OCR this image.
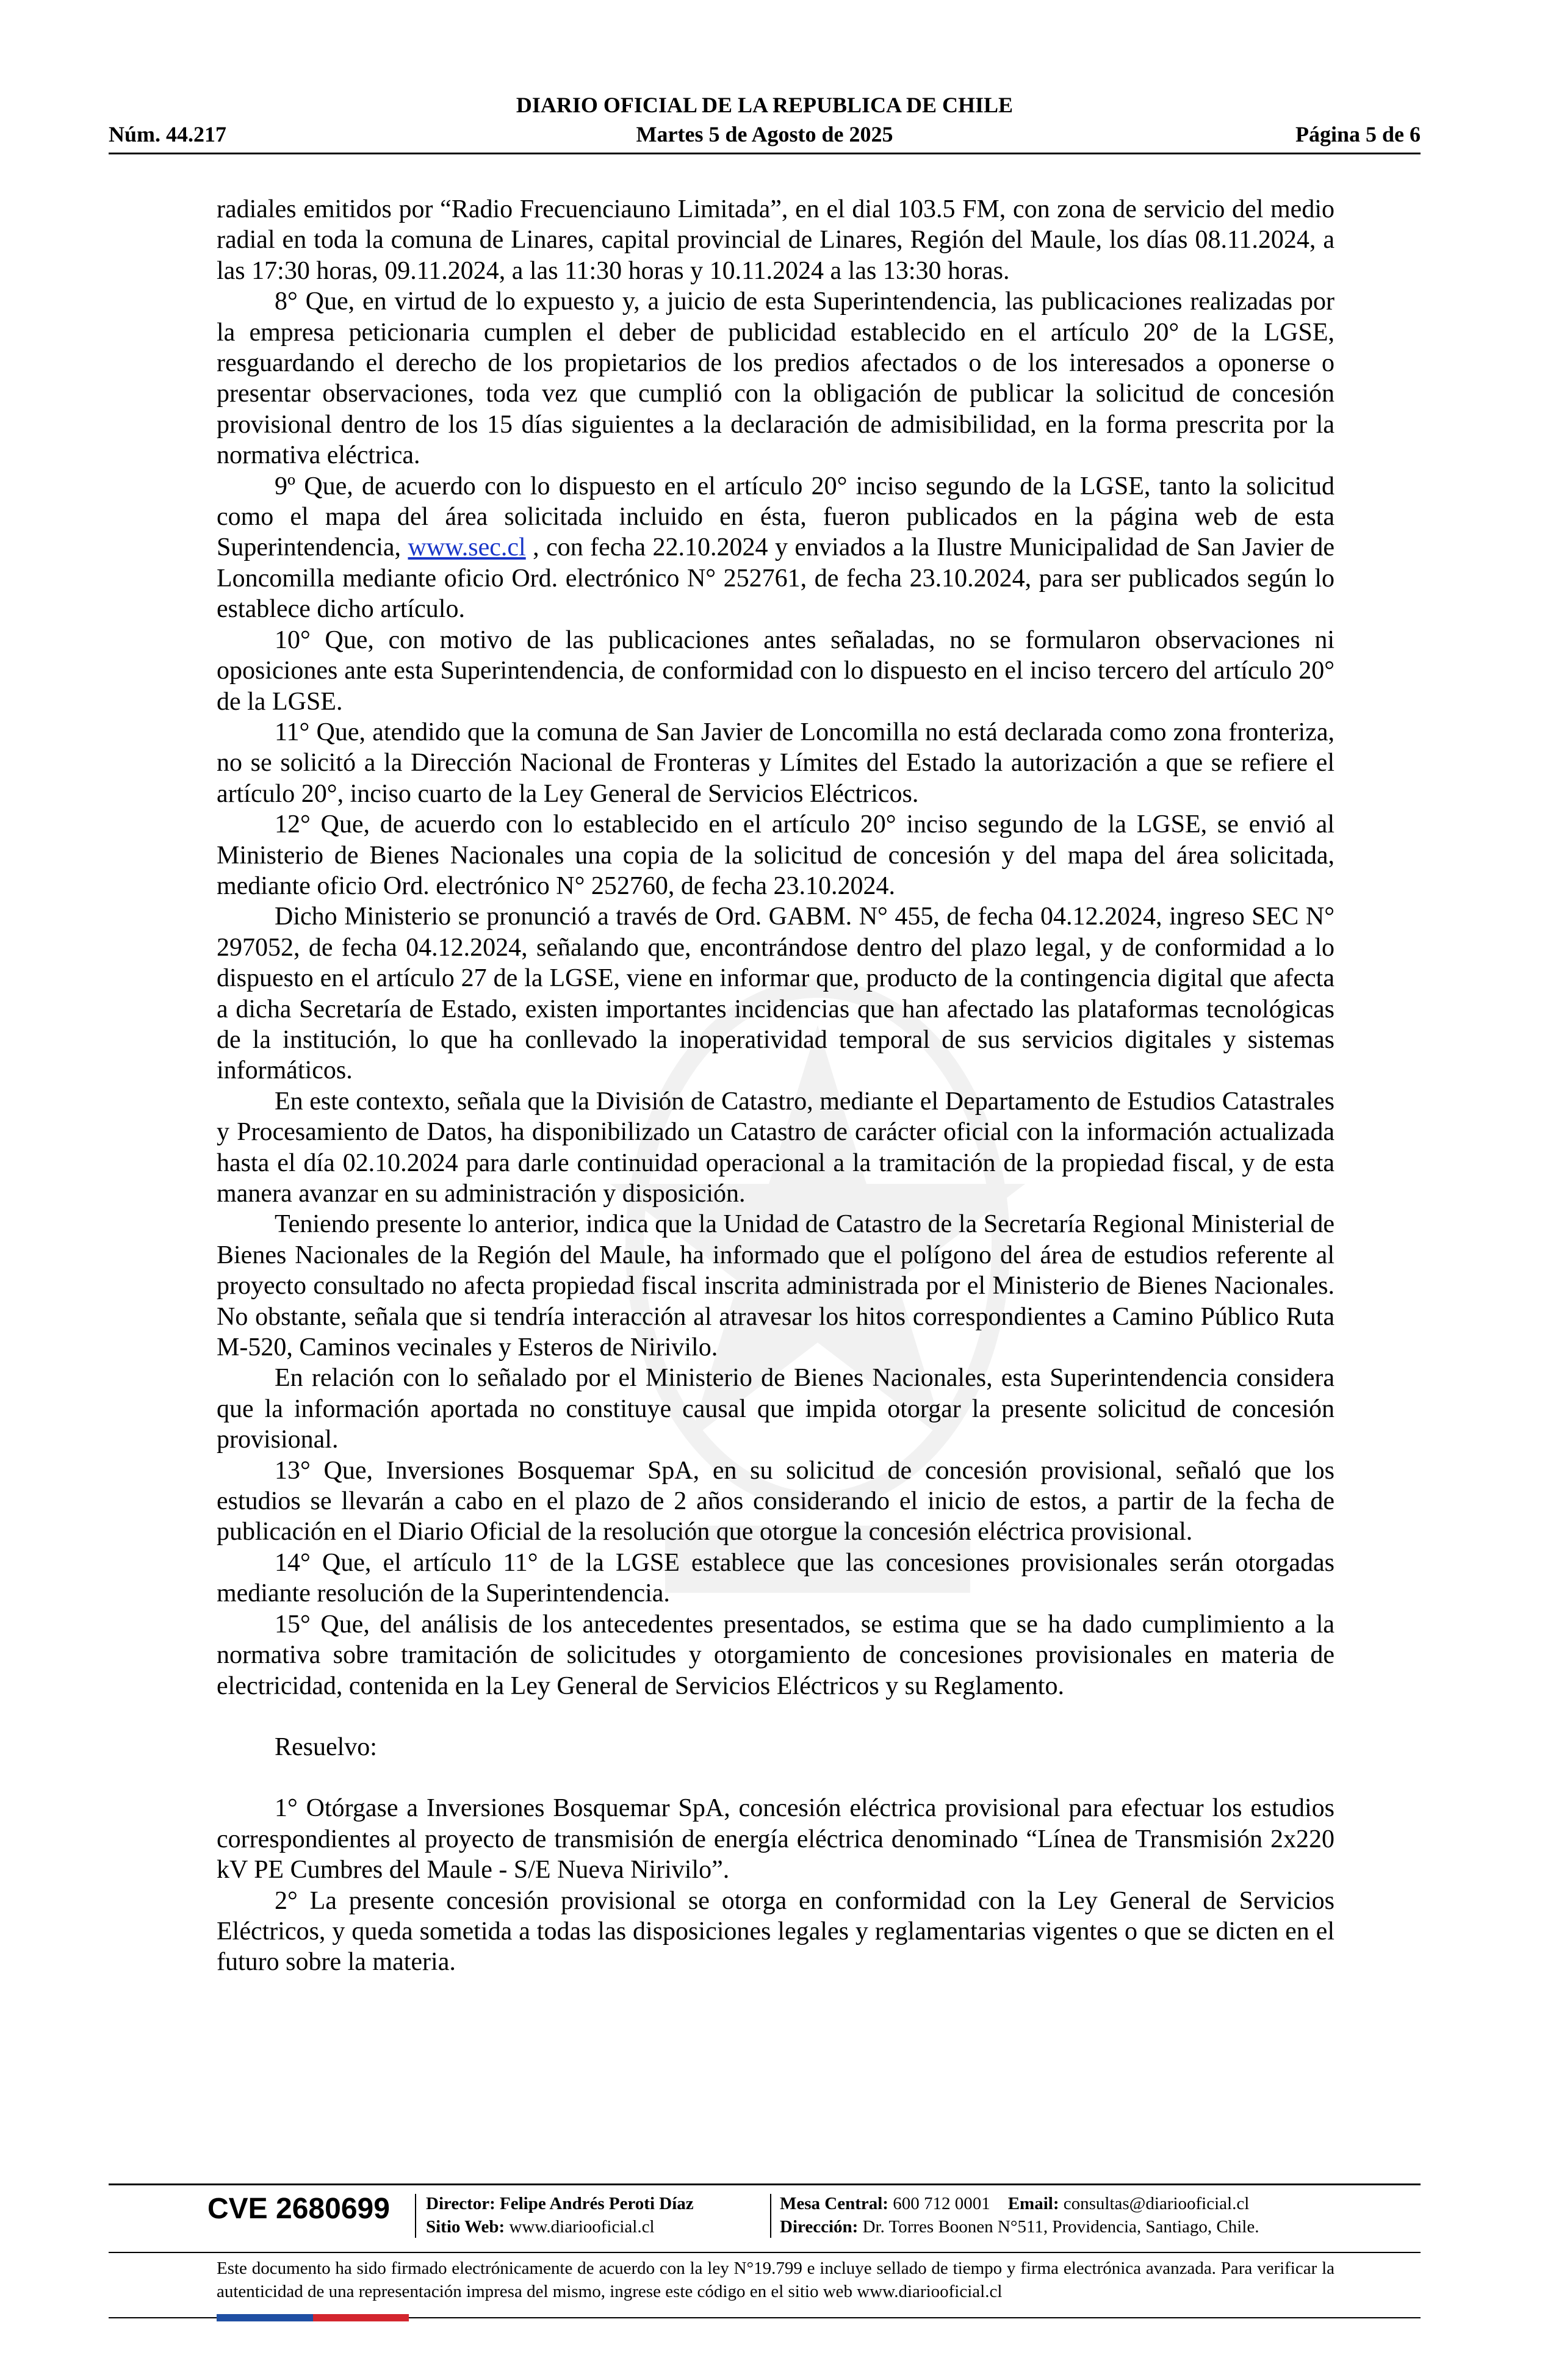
DIARIO OFICIAL DE LA REPUBLICA DE CHILE
Núm. 44.217	Martes 5 de Agosto de 2025	Página 5 de 6

radiales emitidos por “Radio Frecuenciauno Limitada”, en el dial 103.5 FM, con zona de servicio del medio radial en toda la comuna de Linares, capital provincial de Linares, Región del Maule, los días 08.11.2024, a las 17:30 horas, 09.11.2024, a las 11:30 horas y 10.11.2024 a las 13:30 horas.

8° Que, en virtud de lo expuesto y, a juicio de esta Superintendencia, las publicaciones realizadas por la empresa peticionaria cumplen el deber de publicidad establecido en el artículo 20° de la LGSE, resguardando el derecho de los propietarios de los predios afectados o de los interesados a oponerse o presentar observaciones, toda vez que cumplió con la obligación de publicar la solicitud de concesión provisional dentro de los 15 días siguientes a la declaración de admisibilidad, en la forma prescrita por la normativa eléctrica.

9º Que, de acuerdo con lo dispuesto en el artículo 20° inciso segundo de la LGSE, tanto la solicitud como el mapa del área solicitada incluido en ésta, fueron publicados en la página web de esta Superintendencia, www.sec.cl , con fecha 22.10.2024 y enviados a la Ilustre Municipalidad de San Javier de Loncomilla mediante oficio Ord. electrónico N° 252761, de fecha 23.10.2024, para ser publicados según lo establece dicho artículo.

10° Que, con motivo de las publicaciones antes señaladas, no se formularon observaciones ni oposiciones ante esta Superintendencia, de conformidad con lo dispuesto en el inciso tercero del artículo 20° de la LGSE.

11° Que, atendido que la comuna de San Javier de Loncomilla no está declarada como zona fronteriza, no se solicitó a la Dirección Nacional de Fronteras y Límites del Estado la autorización a que se refiere el artículo 20°, inciso cuarto de la Ley General de Servicios Eléctricos.

12° Que, de acuerdo con lo establecido en el artículo 20° inciso segundo de la LGSE, se envió al Ministerio de Bienes Nacionales una copia de la solicitud de concesión y del mapa del área solicitada, mediante oficio Ord. electrónico N° 252760, de fecha 23.10.2024.

Dicho Ministerio se pronunció a través de Ord. GABM. N° 455, de fecha 04.12.2024, ingreso SEC N° 297052, de fecha 04.12.2024, señalando que, encontrándose dentro del plazo legal, y de conformidad a lo dispuesto en el artículo 27 de la LGSE, viene en informar que, producto de la contingencia digital que afecta a dicha Secretaría de Estado, existen importantes incidencias que han afectado las plataformas tecnológicas de la institución, lo que ha conllevado la inoperatividad temporal de sus servicios digitales y sistemas informáticos.

En este contexto, señala que la División de Catastro, mediante el Departamento de Estudios Catastrales y Procesamiento de Datos, ha disponibilizado un Catastro de carácter oficial con la información actualizada hasta el día 02.10.2024 para darle continuidad operacional a la tramitación de la propiedad fiscal, y de esta manera avanzar en su administración y disposición.

Teniendo presente lo anterior, indica que la Unidad de Catastro de la Secretaría Regional Ministerial de Bienes Nacionales de la Región del Maule, ha informado que el polígono del área de estudios referente al proyecto consultado no afecta propiedad fiscal inscrita administrada por el Ministerio de Bienes Nacionales. No obstante, señala que si tendría interacción al atravesar los hitos correspondientes a Camino Público Ruta M-520, Caminos vecinales y Esteros de Nirivilo.

En relación con lo señalado por el Ministerio de Bienes Nacionales, esta Superintendencia considera que la información aportada no constituye causal que impida otorgar la presente solicitud de concesión provisional.

13° Que, Inversiones Bosquemar SpA, en su solicitud de concesión provisional, señaló que los estudios se llevarán a cabo en el plazo de 2 años considerando el inicio de estos, a partir de la fecha de publicación en el Diario Oficial de la resolución que otorgue la concesión eléctrica provisional.

14° Que, el artículo 11° de la LGSE establece que las concesiones provisionales serán otorgadas mediante resolución de la Superintendencia.

15° Que, del análisis de los antecedentes presentados, se estima que se ha dado cumplimiento a la normativa sobre tramitación de solicitudes y otorgamiento de concesiones provisionales en materia de electricidad, contenida en la Ley General de Servicios Eléctricos y su Reglamento.

Resuelvo:

1° Otórgase a Inversiones Bosquemar SpA, concesión eléctrica provisional para efectuar los estudios correspondientes al proyecto de transmisión de energía eléctrica denominado “Línea de Transmisión 2x220 kV PE Cumbres del Maule - S/E Nueva Nirivilo”.

2° La presente concesión provisional se otorga en conformidad con la Ley General de Servicios Eléctricos, y queda sometida a todas las disposiciones legales y reglamentarias vigentes o que se dicten en el futuro sobre la materia.

CVE 2680699 Director: Felipe Andrés Peroti Díaz
Sitio Web: www.diariooficial.cl
Mesa Central: 600 712 0001 Email: consultas@diariooficial.cl
Dirección: Dr. Torres Boonen N°511, Providencia, Santiago, Chile.
Este documento ha sido firmado electrónicamente de acuerdo con la ley N°19.799 e incluye sellado de tiempo y firma electrónica avanzada. Para verificar la autenticidad de una representación impresa del mismo, ingrese este código en el sitio web www.diariooficial.cl
